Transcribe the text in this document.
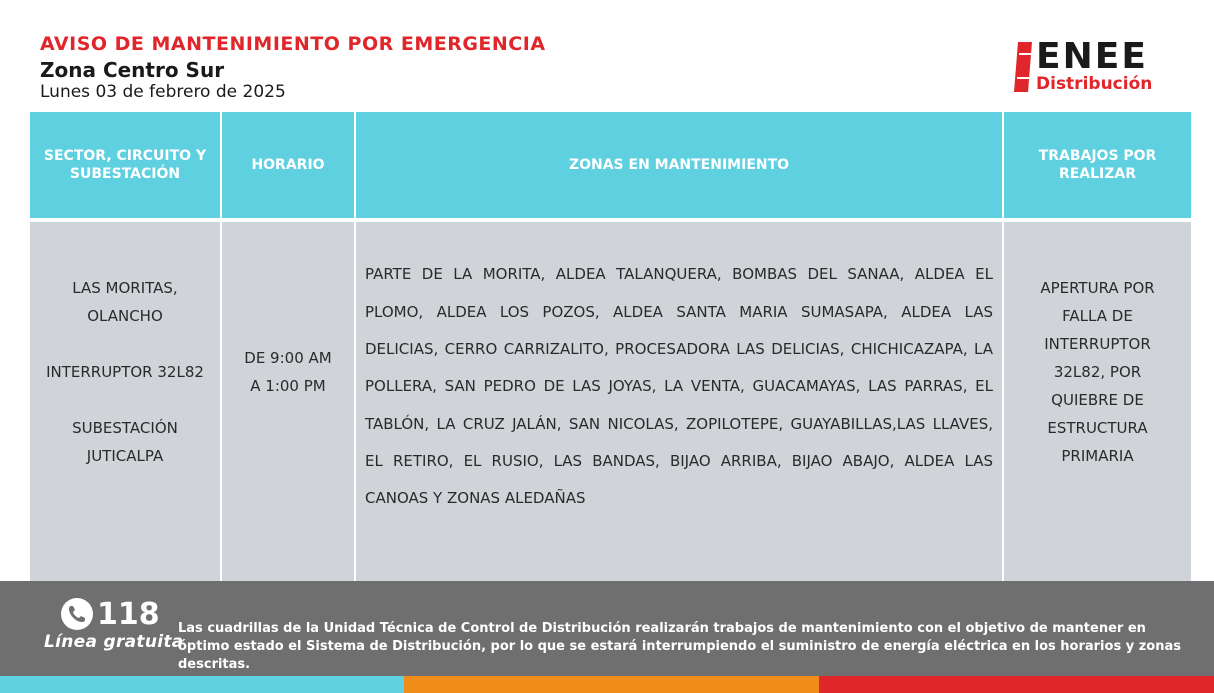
AVISO DE MANTENIMIENTO POR EMERGENCIA
Zona Centro Sur
Lunes 03 de febrero de 2025
ENEE
Distribución
SECTOR, CIRCUITO Y SUBESTACIÓN
HORARIO	ZONAS EN MANTENIMIENTO
TRABAJOS POR REALIZAR

LAS MORITAS, OLANCHO

INTERRUPTOR 32L82

SUBESTACIÓN JUTICALPA

DE 9:00 AM A 1:00 PM
PARTE DE LA MORITA, ALDEA TALANQUERA, BOMBAS DEL SANAA, ALDEA EL PLOMO, ALDEA LOS POZOS, ALDEA SANTA MARIA SUMASAPA, ALDEA LAS DELICIAS, CERRO CARRIZALITO, PROCESADORA LAS DELICIAS, CHICHICAZAPA, LA POLLERA, SAN PEDRO DE LAS JOYAS, LA VENTA, GUACAMAYAS, LAS PARRAS, EL TABLÓN, LA CRUZ JALÁN, SAN NICOLAS, ZOPILOTEPE, GUAYABILLAS,LAS LLAVES, EL RETIRO, EL RUSIO, LAS BANDAS, BIJAO ARRIBA, BIJAO ABAJO, ALDEA LAS CANOAS Y ZONAS ALEDAÑAS
APERTURA POR FALLA DE INTERRUPTOR 32L82, POR QUIEBRE DE ESTRUCTURA PRIMARIA
118
Línea gratuita
Las cuadrillas de la Unidad Técnica de Control de Distribución realizarán trabajos de mantenimiento con el objetivo de mantener en óptimo estado el Sistema de Distribución, por lo que se estará interrumpiendo el suministro de energía eléctrica en los horarios y zonas descritas.
